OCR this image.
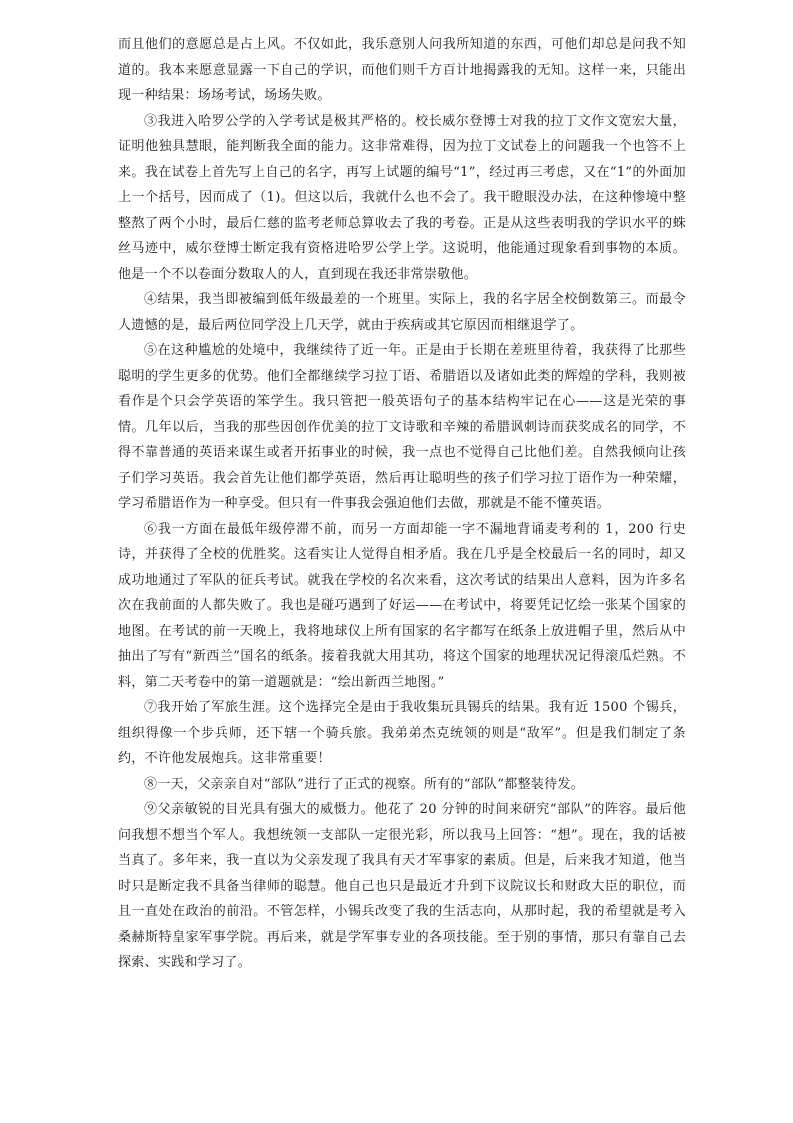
而且他们的意愿总是占上风。不仅如此，我乐意别人问我所知道的东西，可他们却总是问我不知道的。我本来愿意显露一下自己的学识，而他们则千方百计地揭露我的无知。这样一来，只能出现一种结果：场场考试，场场失败。

③我进入哈罗公学的入学考试是极其严格的。校长威尔登博士对我的拉丁文作文宽宏大量，证明他独具慧眼，能判断我全面的能力。这非常难得，因为拉丁文试卷上的问题我一个也答不上来。我在试卷上首先写上自己的名字，再写上试题的编号“1”，经过再三考虑，又在“1”的外面加上一个括号，因而成了（1)。但这以后，我就什么也不会了。我干瞪眼没办法，在这种惨境中整整熬了两个小时，最后仁慈的监考老师总算收去了我的考卷。正是从这些表明我的学识水平的蛛丝马迹中，威尔登博士断定我有资格进哈罗公学上学。这说明，他能通过现象看到事物的本质。他是一个不以卷面分数取人的人，直到现在我还非常崇敬他。

④结果，我当即被编到低年级最差的一个班里。实际上，我的名字居全校倒数第三。而最令人遗憾的是，最后两位同学没上几天学，就由于疾病或其它原因而相继退学了。

⑤在这种尴尬的处境中，我继续待了近一年。正是由于长期在差班里待着，我获得了比那些聪明的学生更多的优势。他们全都继续学习拉丁语、希腊语以及诸如此类的辉煌的学科，我则被看作是个只会学英语的笨学生。我只管把一般英语句子的基本结构牢记在心——这是光荣的事情。几年以后，当我的那些因创作优美的拉丁文诗歌和辛辣的希腊讽刺诗而获奖成名的同学，不得不靠普通的英语来谋生或者开拓事业的时候，我一点也不觉得自己比他们差。自然我倾向让孩子们学习英语。我会首先让他们都学英语，然后再让聪明些的孩子们学习拉丁语作为一种荣耀，学习希腊语作为一种享受。但只有一件事我会强迫他们去做，那就是不能不懂英语。

⑥我一方面在最低年级停滞不前，而另一方面却能一字不漏地背诵麦考利的 1，200 行史诗，并获得了全校的优胜奖。这看实让人觉得自相矛盾。我在几乎是全校最后一名的同时，却又成功地通过了军队的征兵考试。就我在学校的名次来看，这次考试的结果出人意料，因为许多名次在我前面的人都失败了。我也是碰巧遇到了好运——在考试中，将要凭记忆绘一张某个国家的地图。在考试的前一天晚上，我将地球仪上所有国家的名字都写在纸条上放进帽子里，然后从中抽出了写有“新西兰”国名的纸条。接着我就大用其功，将这个国家的地理状况记得滚瓜烂熟。不料，第二天考卷中的第一道题就是：“绘出新西兰地图。”

⑦我开始了军旅生涯。这个选择完全是由于我收集玩具锡兵的结果。我有近 1500 个锡兵，组织得像一个步兵师，还下辖一个骑兵旅。我弟弟杰克统领的则是“敌军”。但是我们制定了条约，不许他发展炮兵。这非常重要！

⑧一天，父亲亲自对“部队”进行了正式的视察。所有的“部队”都整装待发。

⑨父亲敏锐的目光具有强大的威慑力。他花了 20 分钟的时间来研究“部队”的阵容。最后他问我想不想当个军人。我想统领一支部队一定很光彩，所以我马上回答：“想”。现在，我的话被当真了。多年来，我一直以为父亲发现了我具有天才军事家的素质。但是，后来我才知道，他当时只是断定我不具备当律师的聪慧。他自己也只是最近才升到下议院议长和财政大臣的职位，而且一直处在政治的前沿。不管怎样，小锡兵改变了我的生活志向，从那时起，我的希望就是考入桑赫斯特皇家军事学院。再后来，就是学军事专业的各项技能。至于别的事情，那只有靠自己去探索、实践和学习了。
